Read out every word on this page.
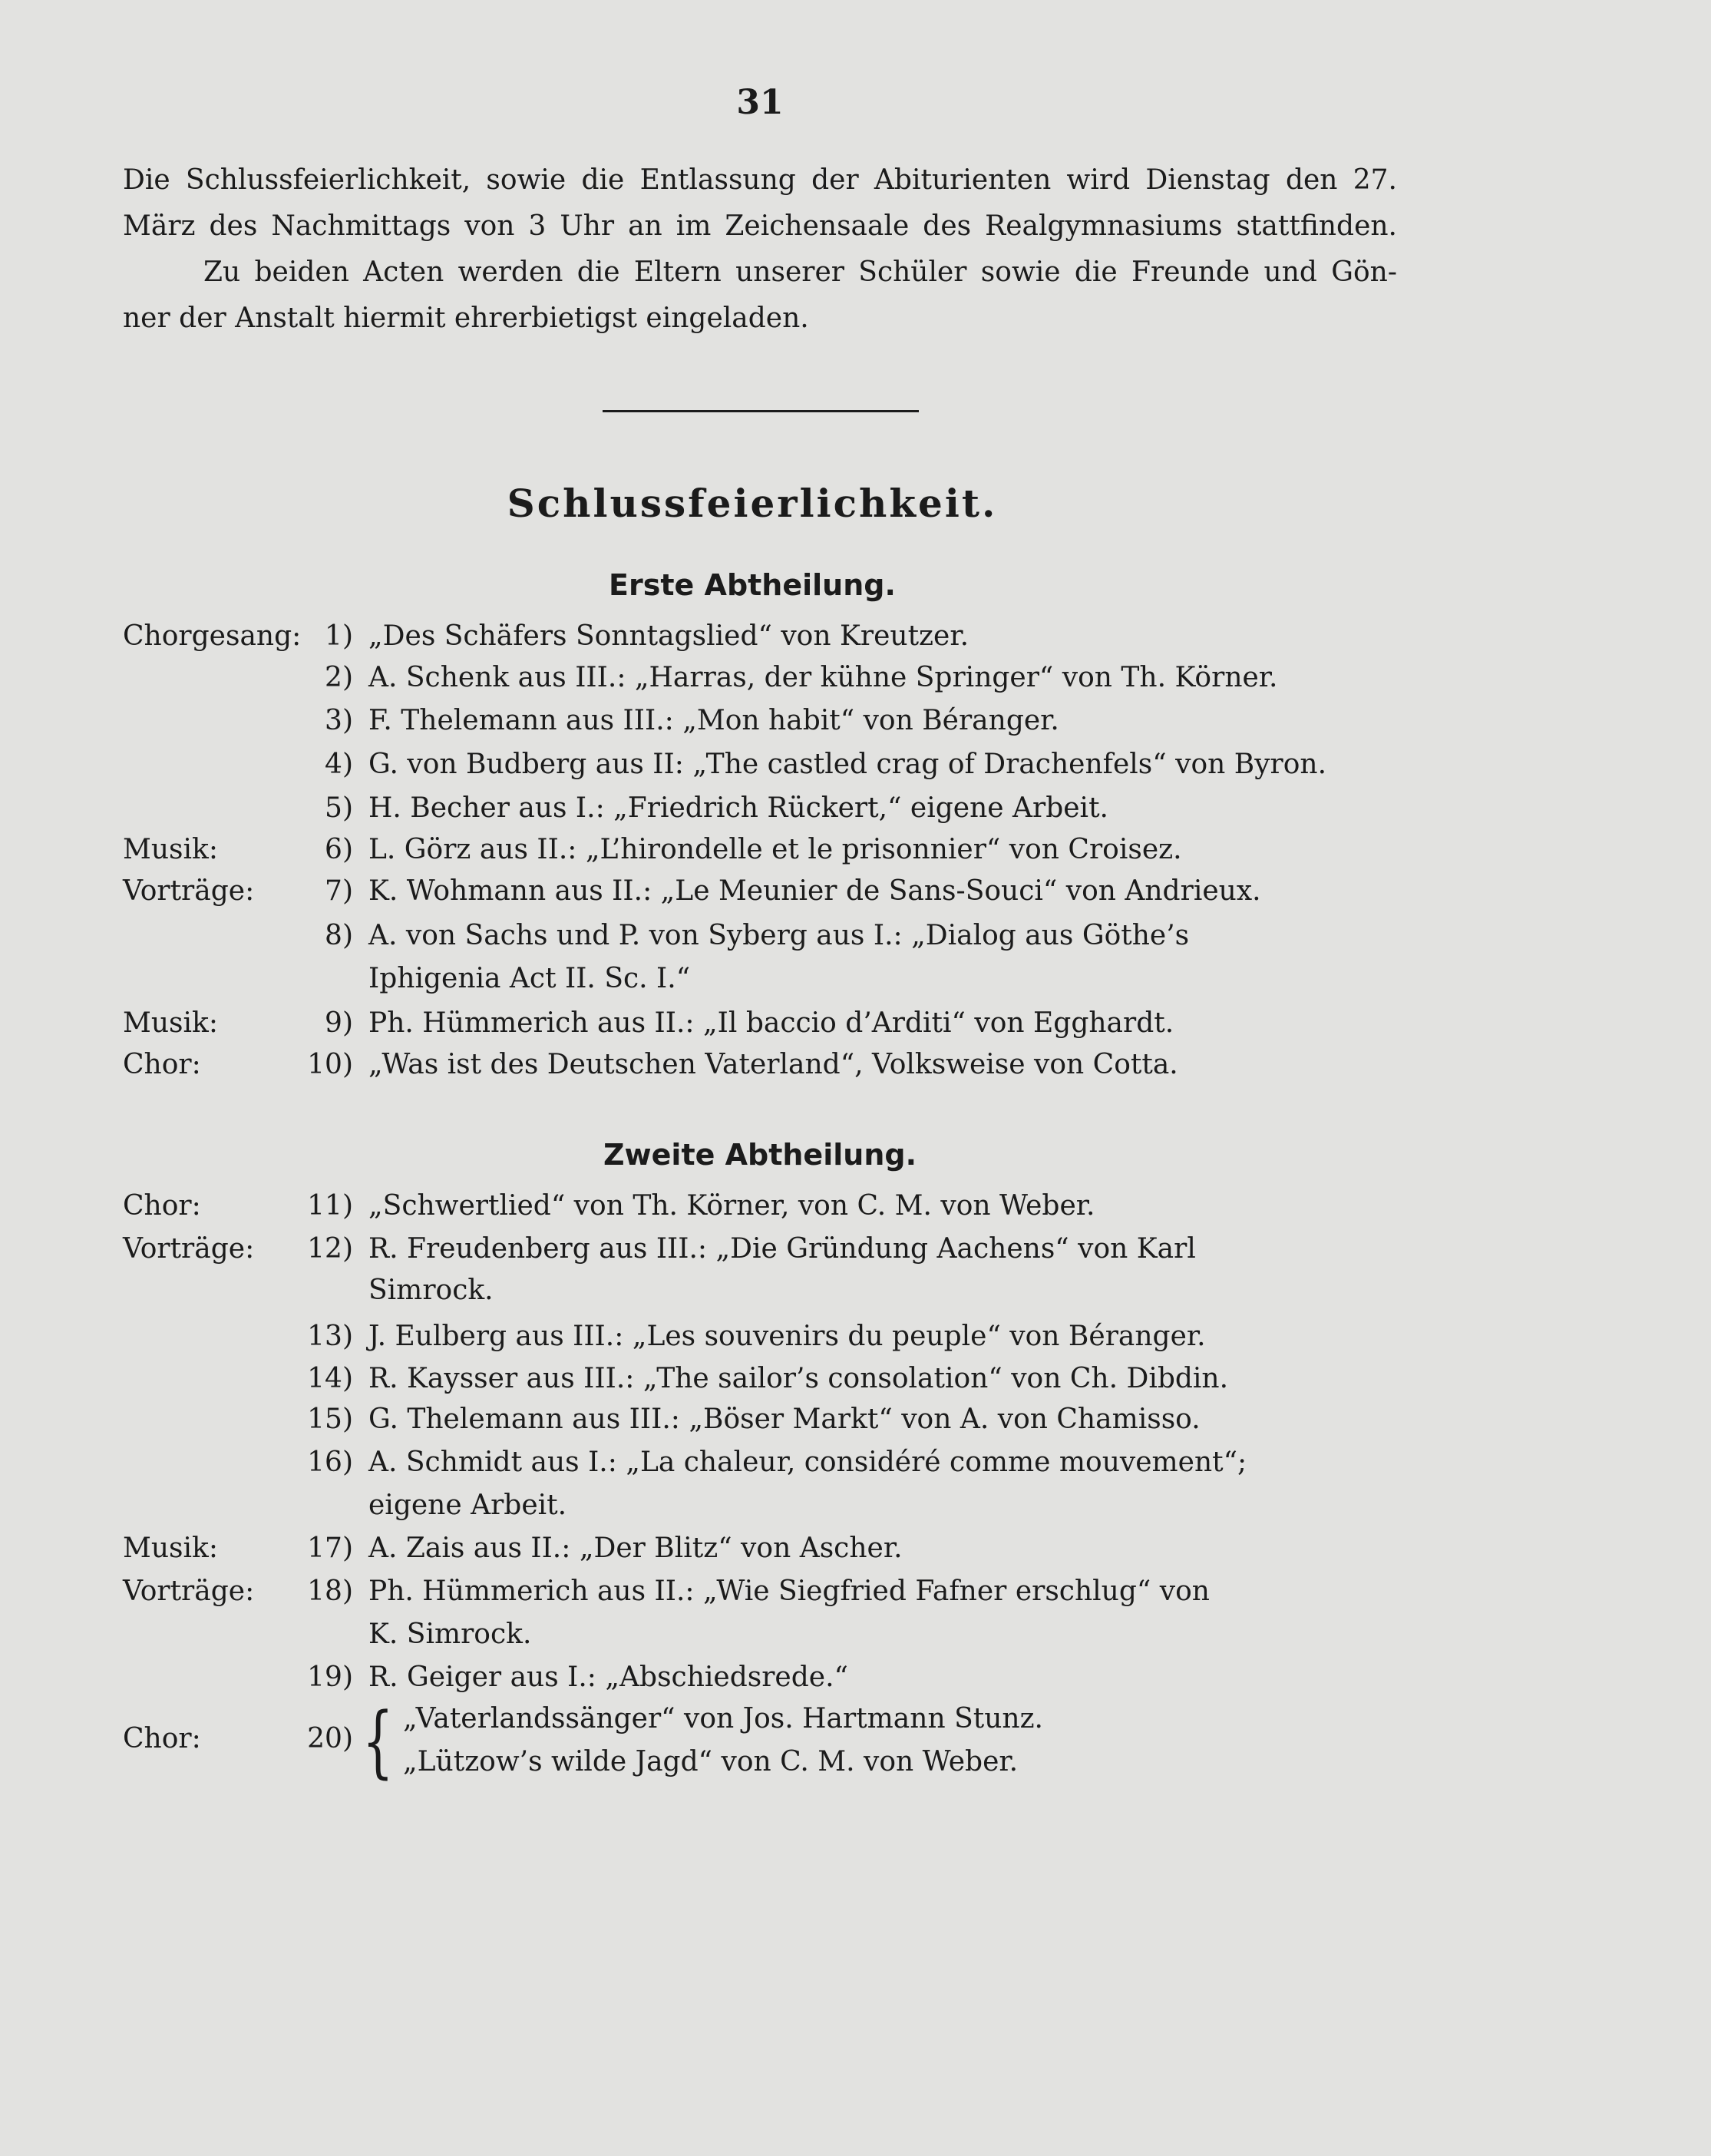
31
Die Schlussfeierlichkeit, sowie die Entlassung der Abiturienten wird Dienstag den 27.
März des Nachmittags von 3 Uhr an im Zeichensaale des Realgymnasiums stattfinden.
Zu beiden Acten werden die Eltern unserer Schüler sowie die Freunde und Gön-
ner der Anstalt hiermit ehrerbietigst eingeladen.
Schlussfeierlichkeit.
Erste Abtheilung.
Chorgesang: 1) „Des Schäfers Sonntagslied“ von Kreutzer.
2) A. Schenk aus III.: „Harras, der kühne Springer“ von Th. Körner.
3) F. Thelemann aus III.: „Mon habit“ von Béranger.
4) G. von Budberg aus II: „The castled crag of Drachenfels“ von Byron.
5) H. Becher aus I.: „Friedrich Rückert,“ eigene Arbeit.
Musik:	6) L. Görz aus II.: „L’hirondelle et le prisonnier“ von Croisez.
Vorträge:	7) K. Wohmann aus II.: „Le Meunier de Sans-Souci“ von Andrieux.
8) A. von Sachs und P. von Syberg aus I.: „Dialog aus Göthe’s
Iphigenia Act II. Sc. I.“
Musik:	9) Ph. Hümmerich aus II.: „Il baccio d’Arditi“ von Egghardt.
Chor:	10) „Was ist des Deutschen Vaterland“, Volksweise von Cotta.
Zweite Abtheilung.
Chor:	11) „Schwertlied“ von Th. Körner, von C. M. von Weber.
Vorträge:	12) R. Freudenberg aus III.: „Die Gründung Aachens“ von Karl
Simrock.
13) J. Eulberg aus III.: „Les souvenirs du peuple“ von Béranger.
14) R. Kaysser aus III.: „The sailor’s consolation“ von Ch. Dibdin.
15) G. Thelemann aus III.: „Böser Markt“ von A. von Chamisso.
16) A. Schmidt aus I.: „La chaleur, considéré comme mouvement“;
eigene Arbeit.
Musik:	17) A. Zais aus II.: „Der Blitz“ von Ascher.
Vorträge:	18) Ph. Hümmerich aus II.: „Wie Siegfried Fafner erschlug“ von
K. Simrock.
19) R. Geiger aus I.: „Abschiedsrede.“
Chor:	20) { „Vaterlandssänger“ von Jos. Hartmann Stunz.
„Lützow’s wilde Jagd“ von C. M. von Weber.
